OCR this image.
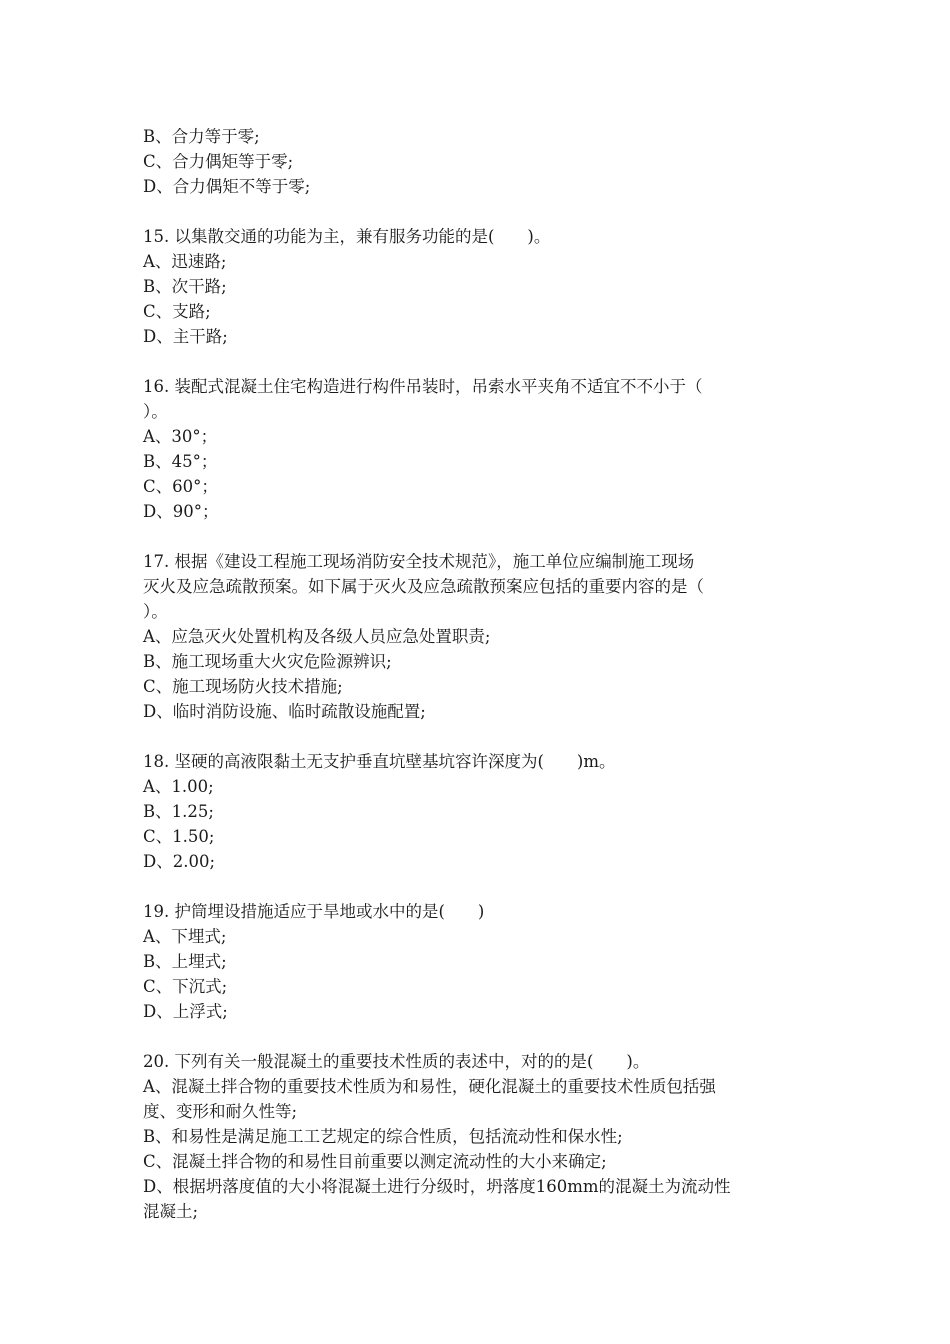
B、合力等于零;

C、合力偶矩等于零;

D、合力偶矩不等于零;

15. 以集散交通的功能为主，兼有服务功能的是(　　)。

A、迅速路;

B、次干路;

C、支路;

D、主干路;

16. 装配式混凝土住宅构造进行构件吊装时，吊索水平夹角不适宜不不小于（

）。

A、30°；

B、45°；

C、60°；

D、90°；

17. 根据《建设工程施工现场消防安全技术规范》，施工单位应编制施工现场

灭火及应急疏散预案。如下属于灭火及应急疏散预案应包括的重要内容的是（

）。

A、应急灭火处置机构及各级人员应急处置职责;

B、施工现场重大火灾危险源辨识;

C、施工现场防火技术措施;

D、临时消防设施、临时疏散设施配置;

18. 坚硬的高液限黏土无支护垂直坑壁基坑容许深度为(　　)m。

A、1.00;

B、1.25;

C、1.50;

D、2.00;

19. 护筒埋设措施适应于旱地或水中的是(　　)

A、下埋式;

B、上埋式;

C、下沉式;

D、上浮式;

20. 下列有关一般混凝土的重要技术性质的表述中，对的的是(　　)。

A、混凝土拌合物的重要技术性质为和易性，硬化混凝土的重要技术性质包括强

度、变形和耐久性等;

B、和易性是满足施工工艺规定的综合性质，包括流动性和保水性;

C、混凝土拌合物的和易性目前重要以测定流动性的大小来确定;

D、根据坍落度值的大小将混凝土进行分级时，坍落度160mm的混凝土为流动性

混凝土;
